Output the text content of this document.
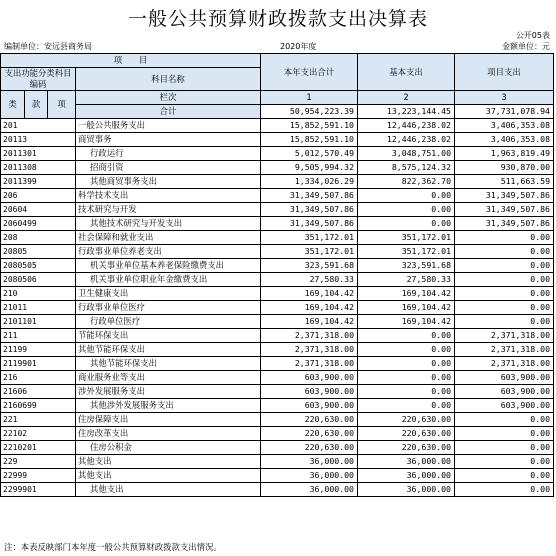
一般公共预算财政拨款支出决算表
公开05表
编制单位：安远县商务局	2020年度	金额单位：元
项　　目				本年支出合计	基本支出	项目支出
支出功能分类科目编码			科目名称			

类	款	项	栏次	1	2	3
			合计	50,954,223.39	13,223,144.45	37,731,078.94
201			一般公共服务支出	15,852,591.10	12,446,238.02	3,406,353.08
20113			商贸事务	15,852,591.10	12,446,238.02	3,406,353.08
2011301			行政运行	5,012,570.49	3,048,751.00	1,963,819.49
2011308			招商引资	9,505,994.32	8,575,124.32	930,870.00
2011399			其他商贸事务支出	1,334,026.29	822,362.70	511,663.59
206			科学技术支出	31,349,507.86	0.00	31,349,507.86
20604			技术研究与开发	31,349,507.86	0.00	31,349,507.86
2060499			其他技术研究与开发支出	31,349,507.86	0.00	31,349,507.86
208			社会保障和就业支出	351,172.01	351,172.01	0.00
20805			行政事业单位养老支出	351,172.01	351,172.01	0.00
2080505			机关事业单位基本养老保险缴费支出	323,591.68	323,591.68	0.00
2080506			机关事业单位职业年金缴费支出	27,580.33	27,580.33	0.00
210			卫生健康支出	169,104.42	169,104.42	0.00
21011			行政事业单位医疗	169,104.42	169,104.42	0.00
2101101			行政单位医疗	169,104.42	169,104.42	0.00
211			节能环保支出	2,371,318.00	0.00	2,371,318.00
21199			其他节能环保支出	2,371,318.00	0.00	2,371,318.00
2119901			其他节能环保支出	2,371,318.00	0.00	2,371,318.00
216			商业服务业等支出	603,900.00	0.00	603,900.00
21606			涉外发展服务支出	603,900.00	0.00	603,900.00
2160699			其他涉外发展服务支出	603,900.00	0.00	603,900.00
221			住房保障支出	220,630.00	220,630.00	0.00
22102			住房改革支出	220,630.00	220,630.00	0.00
2210201			住房公积金	220,630.00	220,630.00	0.00
229			其他支出	36,000.00	36,000.00	0.00
22999			其他支出	36,000.00	36,000.00	0.00
2299901			其他支出	36,000.00	36,000.00	0.00
注：本表反映部门本年度一般公共预算财政拨款支出情况。
